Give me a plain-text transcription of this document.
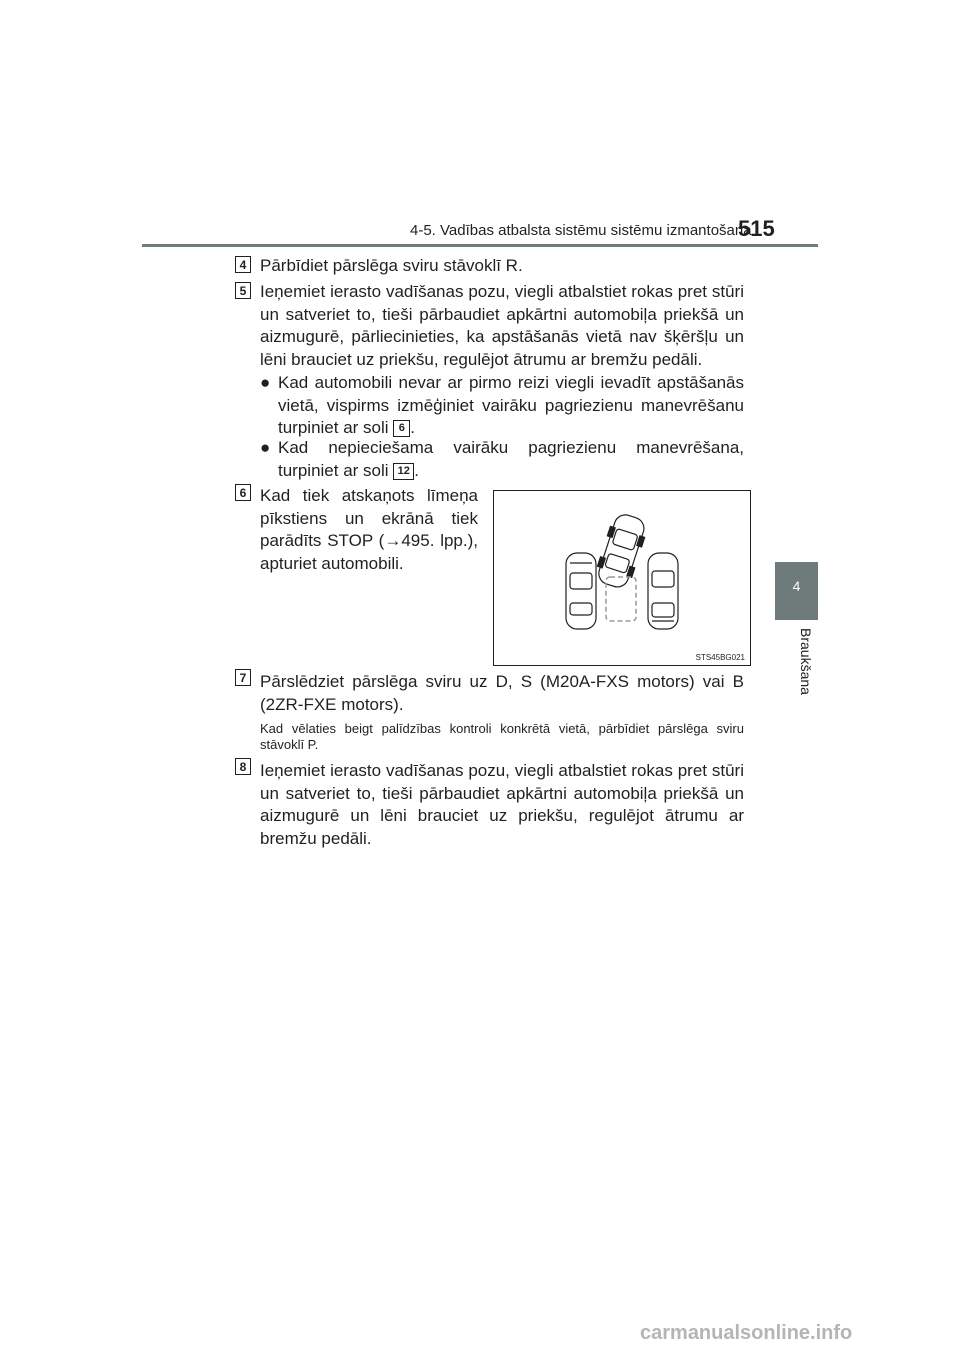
4-5. Vadības atbalsta sistēmu sistēmu izmantošana
515
4
Braukšana
4 Pārbīdiet pārslēga sviru stāvoklī R.

5 Ieņemiet ierasto vadīšanas pozu, viegli atbalstiet rokas pret stūri un satveriet to, tieši pārbaudiet apkārtni automobiļa priekšā un aizmugurē, pārliecinieties, ka apstāšanās vietā nav šķēršļu un lēni brauciet uz priekšu, regulējot ātrumu ar bremžu pedāli.

● Kad automobili nevar ar pirmo reizi viegli ievadīt apstāšanās vietā, vispirms izmēģiniet vairāku pagriezienu manevrēšanu turpiniet ar soli 6 .

● Kad nepieciešama vairāku pagriezienu manevrēšana, turpiniet ar soli 12 .

6 Kad tiek atskaņots līmeņa pīkstiens un ekrānā tiek parādīts STOP (→495. lpp.), apturiet automobili.

STS45BG021
7 Pārslēdziet pārslēga sviru uz D, S (M20A-FXS motors) vai B (2ZR-FXE motors).

Kad vēlaties beigt palīdzības kontroli konkrētā vietā, pārbīdiet pārslēga sviru stāvoklī P.

8 Ieņemiet ierasto vadīšanas pozu, viegli atbalstiet rokas pret stūri un satveriet to, tieši pārbaudiet apkārtni automobiļa priekšā un aizmugurē un lēni brauciet uz priekšu, regulējot ātrumu ar bremžu pedāli.

carmanualsonline.info
